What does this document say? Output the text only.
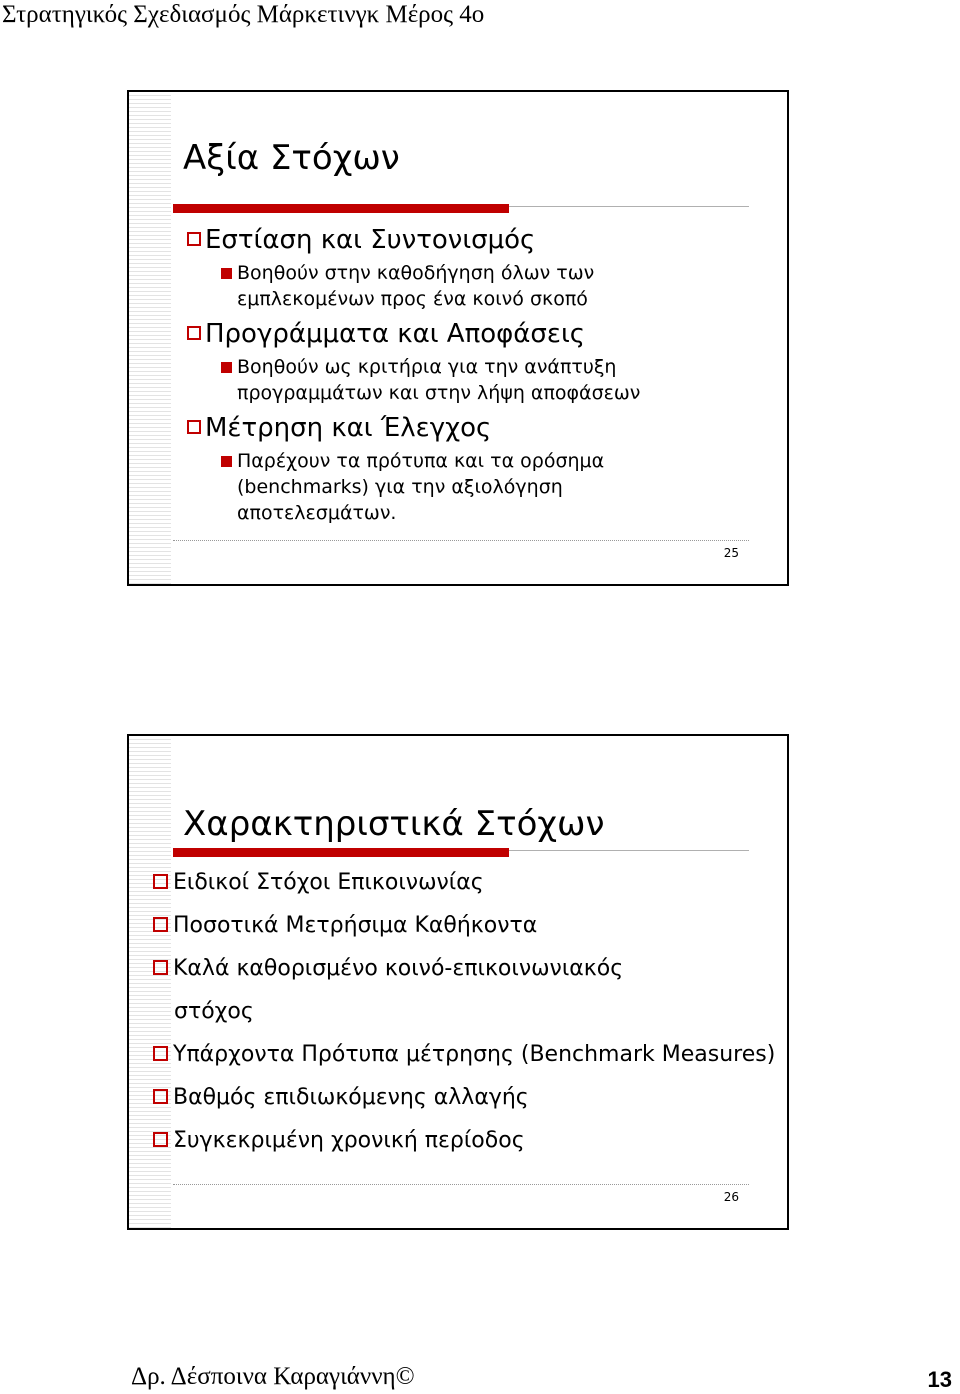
Στρατηγικός Σχεδιασμός Μάρκετινγκ Μέρος 4ο
Αξία Στόχων
Εστίαση και Συντονισμός
Βοηθούν στην καθοδήγηση όλων των
εμπλεκομένων προς ένα κοινό σκοπό
Προγράμματα και Αποφάσεις
Βοηθούν ως κριτήρια για την ανάπτυξη
προγραμμάτων και στην λήψη αποφάσεων
Μέτρηση και Έλεγχος
Παρέχουν τα πρότυπα και τα ορόσημα
(benchmarks) για την αξιολόγηση
αποτελεσμάτων.
25
Χαρακτηριστικά Στόχων
Ειδικοί Στόχοι Επικοινωνίας
Ποσοτικά Μετρήσιμα Καθήκοντα
Καλά καθορισμένο κοινό-επικοινωνιακός
στόχος
Υπάρχοντα Πρότυπα μέτρησης (Benchmark Measures)
Βαθμός επιδιωκόμενης αλλαγής
Συγκεκριμένη χρονική περίοδος
26
Δρ. Δέσποινα Καραγιάννη©	13
